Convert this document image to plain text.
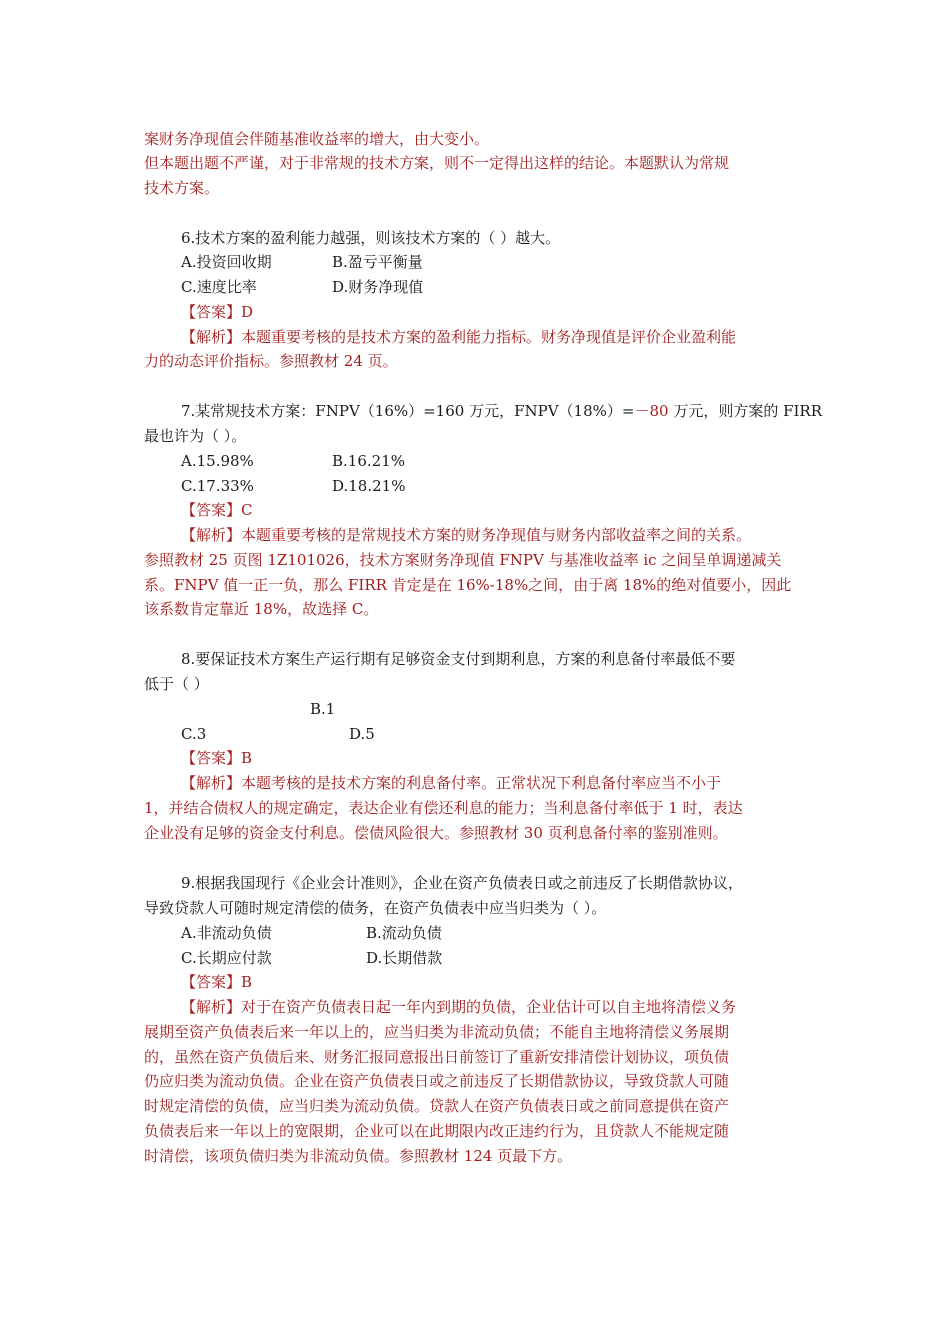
案财务净现值会伴随基准收益率的增大，由大变小。
但本题出题不严谨，对于非常规的技术方案，则不一定得出这样的结论。本题默认为常规
技术方案。
6.技术方案的盈利能力越强，则该技术方案的（ ）越大。
A.投资回收期	B.盈亏平衡量
C.速度比率	D.财务净现值
【答案】D
【解析】本题重要考核的是技术方案的盈利能力指标。财务净现值是评价企业盈利能
力的动态评价指标。参照教材 24 页。
7.某常规技术方案：FNPV（16%）=160 万元，FNPV（18%）=－80 万元，则方案的 FIRR
最也许为（ ）。
A.15.98%	B.16.21%
C.17.33%	D.18.21%
【答案】C
【解析】本题重要考核的是常规技术方案的财务净现值与财务内部收益率之间的关系。
参照教材 25 页图 1Z101026，技术方案财务净现值 FNPV 与基准收益率 ic 之间呈单调递减关
系。FNPV 值一正一负，那么 FIRR 肯定是在 16%-18%之间，由于离 18%的绝对值要小，因此
该系数肯定靠近 18%，故选择 C。
8.要保证技术方案生产运行期有足够资金支付到期利息，方案的利息备付率最低不要
低于（ ）
B.1
C.3	D.5
【答案】B
【解析】本题考核的是技术方案的利息备付率。正常状况下利息备付率应当不小于
1，并结合债权人的规定确定，表达企业有偿还利息的能力；当利息备付率低于 1 时，表达
企业没有足够的资金支付利息。偿债风险很大。参照教材 30 页利息备付率的鉴别准则。
9.根据我国现行《企业会计准则》，企业在资产负债表日或之前违反了长期借款协议，
导致贷款人可随时规定清偿的债务，在资产负债表中应当归类为（ ）。
A.非流动负债	B.流动负债
C.长期应付款	D.长期借款
【答案】B
【解析】对于在资产负债表日起一年内到期的负债，企业估计可以自主地将清偿义务
展期至资产负债表后来一年以上的，应当归类为非流动负债；不能自主地将清偿义务展期
的，虽然在资产负债后来、财务汇报同意报出日前签订了重新安排清偿计划协议，项负债
仍应归类为流动负债。企业在资产负债表日或之前违反了长期借款协议，导致贷款人可随
时规定清偿的负债，应当归类为流动负债。贷款人在资产负债表日或之前同意提供在资产
负债表后来一年以上的宽限期，企业可以在此期限内改正违约行为，且贷款人不能规定随
时清偿，该项负债归类为非流动负债。参照教材 124 页最下方。
